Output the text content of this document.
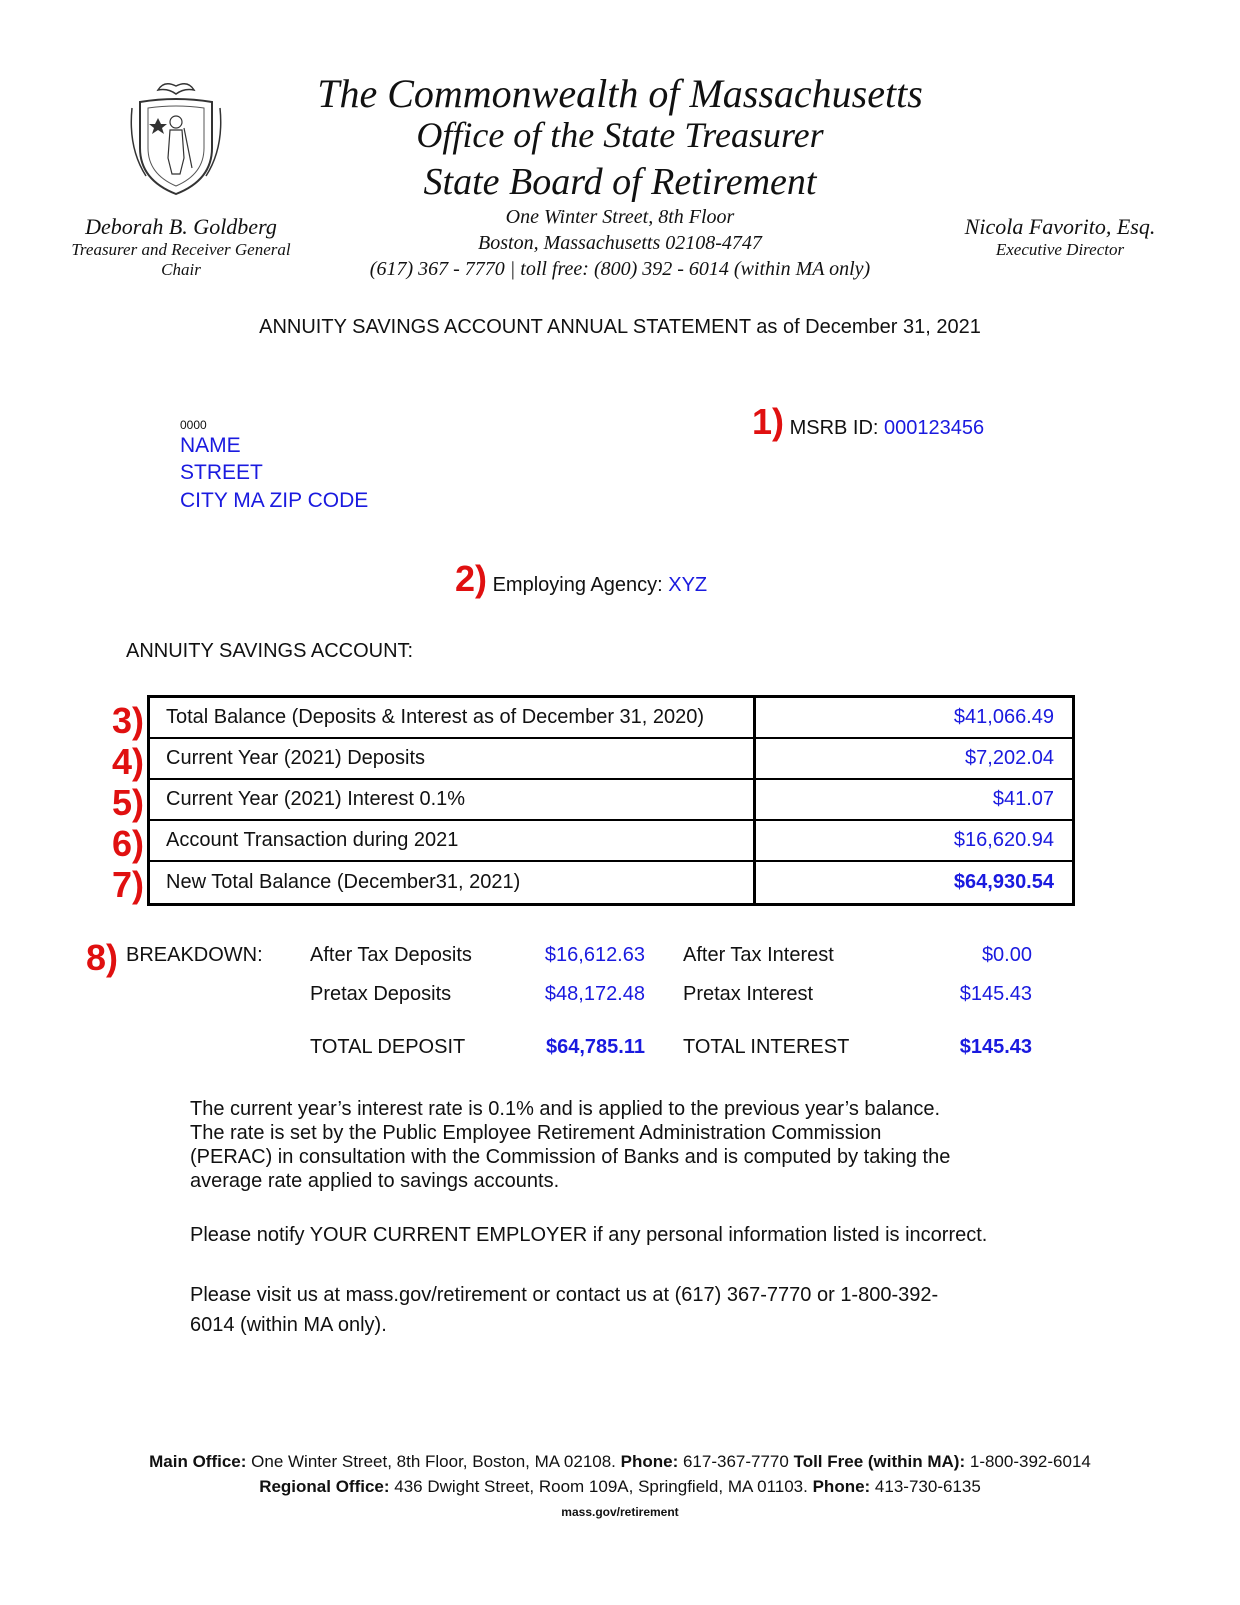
The Commonwealth of Massachusetts
Office of the State Treasurer
State Board of Retirement
One Winter Street, 8th Floor
Boston, Massachusetts 02108-4747
(617) 367 - 7770 | toll free: (800) 392 - 6014 (within MA only)
Deborah B. Goldberg
Treasurer and Receiver General
Chair
Nicola Favorito, Esq.
Executive Director
ANNUITY SAVINGS ACCOUNT ANNUAL STATEMENT as of December 31, 2021
0000
NAME
STREET
CITY MA ZIP CODE
1) MSRB ID: 000123456
2) Employing Agency: XYZ
ANNUITY SAVINGS ACCOUNT:
3)
4)
5)
6)
7)
Total Balance (Deposits & Interest as of December 31, 2020)	$41,066.49
Current Year (2021) Deposits	$7,202.04
Current Year (2021) Interest 0.1%	$41.07
Account Transaction during 2021	$16,620.94
New Total Balance (December31, 2021)	$64,930.54
8) BREAKDOWN: After Tax Deposits	$16,612.63 After Tax Interest	$0.00
Pretax Deposits	$48,172.48 Pretax Interest	$145.43
TOTAL DEPOSIT	$64,785.11 TOTAL INTEREST	$145.43
The current year’s interest rate is 0.1% and is applied to the previous year’s balance.
The rate is set by the Public Employee Retirement Administration Commission
(PERAC) in consultation with the Commission of Banks and is computed by taking the
average rate applied to savings accounts.
Please notify YOUR CURRENT EMPLOYER if any personal information listed is incorrect.
Please visit us at mass.gov/retirement or contact us at (617) 367-7770 or 1-800-392-
6014 (within MA only).
Main Office: One Winter Street, 8th Floor, Boston, MA 02108. Phone: 617-367-7770 Toll Free (within MA): 1-800-392-6014
Regional Office: 436 Dwight Street, Room 109A, Springfield, MA 01103. Phone: 413-730-6135
mass.gov/retirement
